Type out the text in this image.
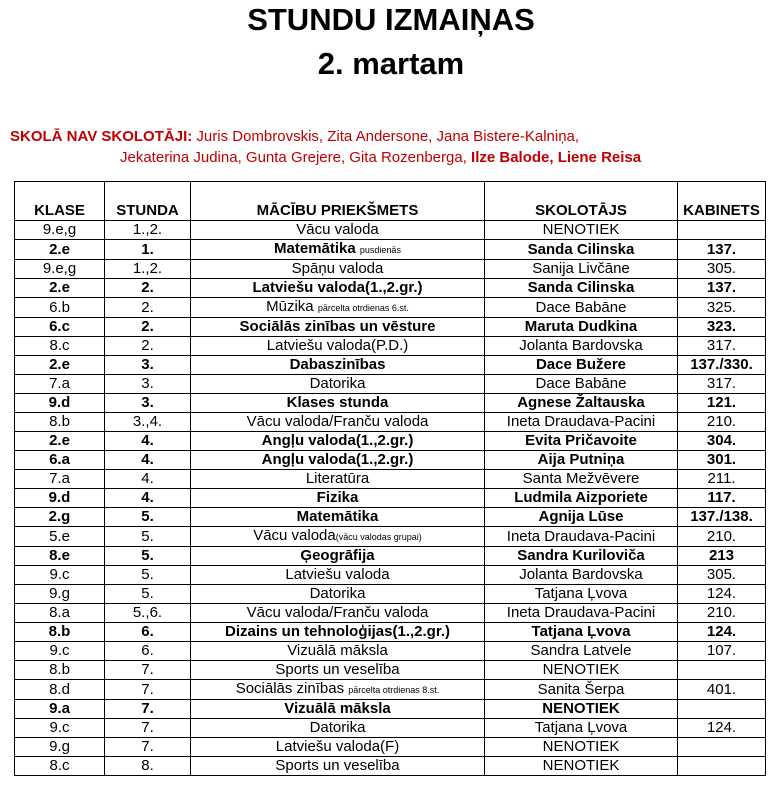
STUNDU IZMAIŅAS
2. martam
SKOLĀ NAV SKOLOTĀJI: Juris Dombrovskis, Zita Andersone, Jana Bistere-Kalniņa,
Jekaterina Judina, Gunta Grejere, Gita Rozenberga, Ilze Balode, Liene Reisa
KLASE	STUNDA	MĀCĪBU PRIEKŠMETS	SKOLOTĀJS	KABINETS
9.e,g	1.,2.	Vācu valoda	NENOTIEK	
2.e	1.	Matemātika pusdienās	Sanda Cilinska	137.
9.e,g	1.,2.	Spāņu valoda	Sanija Livčāne	305.
2.e	2.	Latviešu valoda(1.,2.gr.)	Sanda Cilinska	137.
6.b	2.	Mūzika pārcelta otrdienas 6.st.	Dace Babāne	325.
6.c	2.	Sociālās zinības un vēsture	Maruta Dudkina	323.
8.c	2.	Latviešu valoda(P.D.)	Jolanta Bardovska	317.
2.e	3.	Dabaszinības	Dace Bužere	137./330.
7.a	3.	Datorika	Dace Babāne	317.
9.d	3.	Klases stunda	Agnese Žaltauska	121.
8.b	3.,4.	Vācu valoda/Franču valoda	Ineta Draudava-Pacini	210.
2.e	4.	Angļu valoda(1.,2.gr.)	Evita Pričavoite	304.
6.a	4.	Angļu valoda(1.,2.gr.)	Aija Putniņa	301.
7.a	4.	Literatūra	Santa Mežvēvere	211.
9.d	4.	Fizika	Ludmila Aizporiete	117.
2.g	5.	Matemātika	Agnija Lūse	137./138.
5.e	5.	Vācu valoda(vācu valodas grupai)	Ineta Draudava-Pacini	210.
8.e	5.	Ģeogrāfija	Sandra Kuriloviča	213
9.c	5.	Latviešu valoda	Jolanta Bardovska	305.
9.g	5.	Datorika	Tatjana Ļvova	124.
8.a	5.,6.	Vācu valoda/Franču valoda	Ineta Draudava-Pacini	210.
8.b	6.	Dizains un tehnoloģijas(1.,2.gr.)	Tatjana Ļvova	124.
9.c	6.	Vizuālā māksla	Sandra Latvele	107.
8.b	7.	Sports un veselība	NENOTIEK	
8.d	7.	Sociālās zinības pārcelta otrdienas 8.st.	Sanita Šerpa	401.
9.a	7.	Vizuālā māksla	NENOTIEK	
9.c	7.	Datorika	Tatjana Ļvova	124.
9.g	7.	Latviešu valoda(F)	NENOTIEK	
8.c	8.	Sports un veselība	NENOTIEK	
